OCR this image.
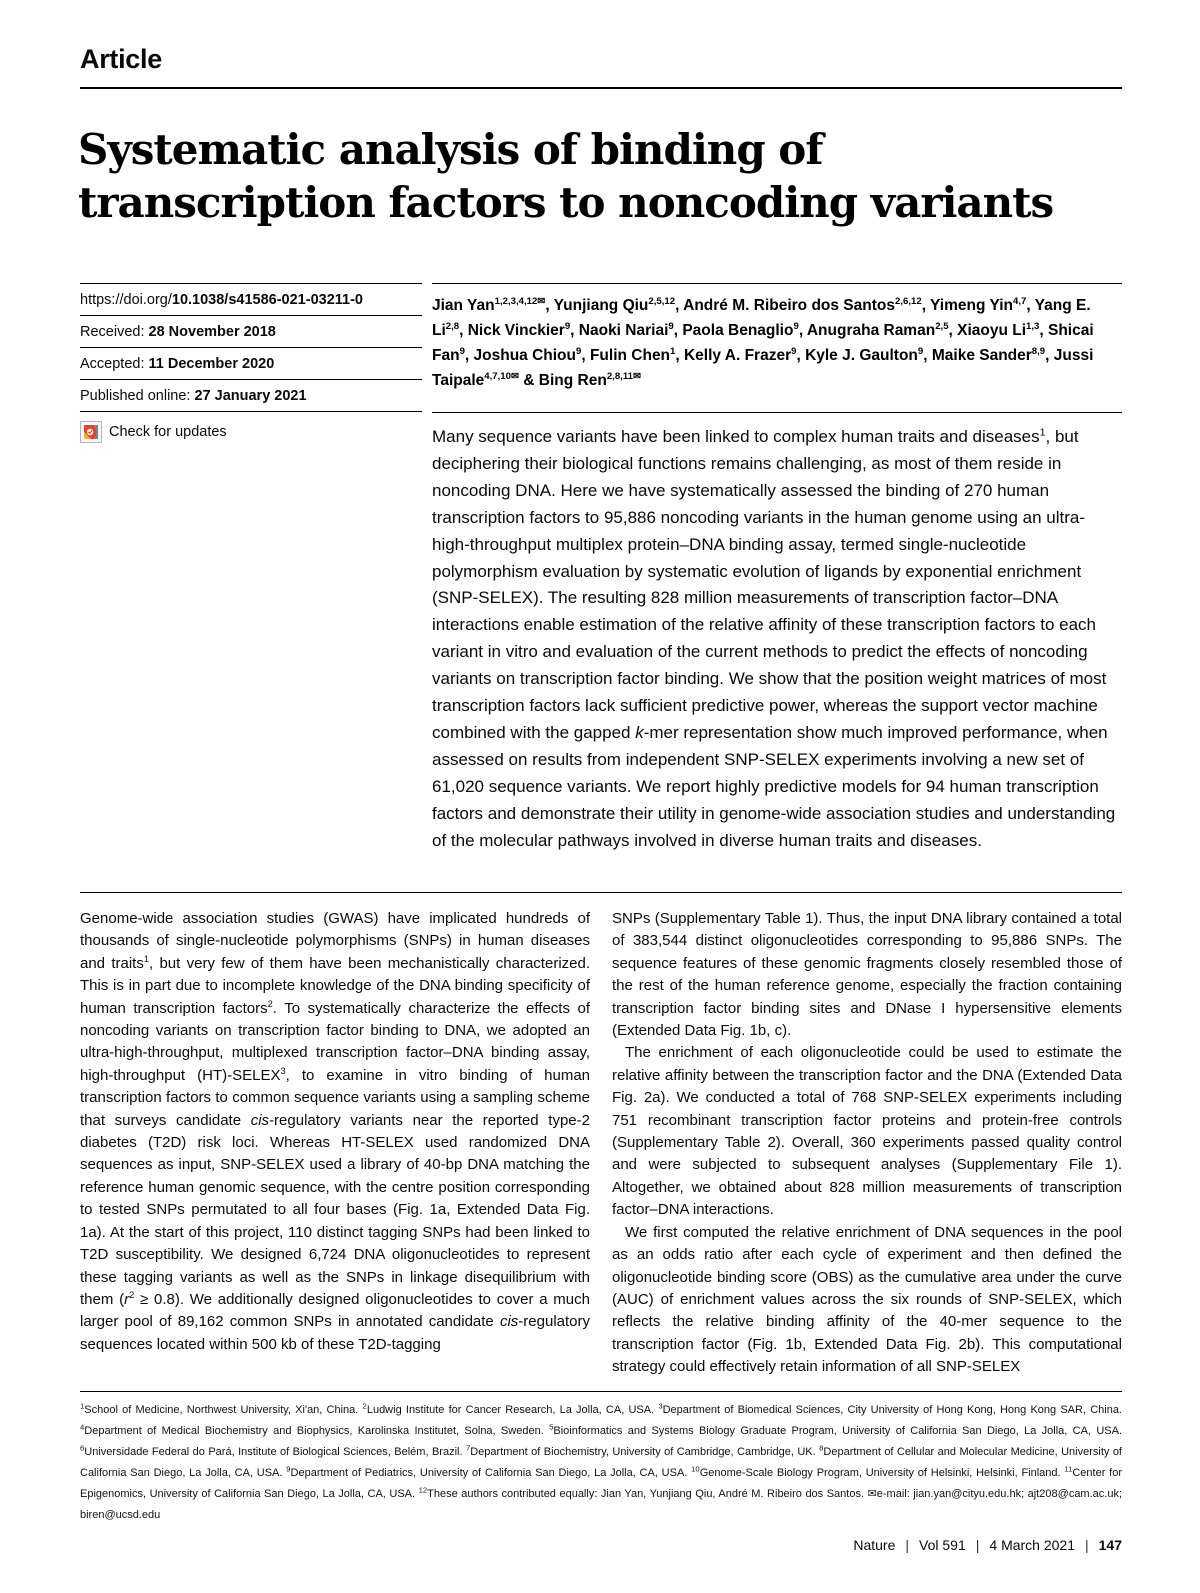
Article
Systematic analysis of binding of
transcription factors to noncoding variants
https://doi.org/10.1038/s41586-021-03211-0
Received: 28 November 2018
Accepted: 11 December 2020
Published online: 27 January 2021
Check for updates
Jian Yan$^{1,2,3,4,12✉}$, Yunjiang Qiu$^{2,5,12}$, André M. Ribeiro dos Santos$^{2,6,12}$, Yimeng Yin$^{4,7}$, Yang E. Li$^{2,8}$, Nick Vinckier$^9$, Naoki Nariai$^9$, Paola Benaglio$^9$, Anugraha Raman$^{2,5}$, Xiaoyu Li$^{1,3}$, Shicai Fan$^9$, Joshua Chiou$^9$, Fulin Chen$^1$, Kelly A. Frazer$^9$, Kyle J. Gaulton$^9$, Maike Sander$^{8,9}$, Jussi Taipale$^{4,7,10✉}$ & Bing Ren$^{2,8,11✉}$
Many sequence variants have been linked to complex human traits and diseases$^1$, but deciphering their biological functions remains challenging, as most of them reside in noncoding DNA. Here we have systematically assessed the binding of 270 human transcription factors to 95,886 noncoding variants in the human genome using an ultra-high-throughput multiplex protein–DNA binding assay, termed single-nucleotide polymorphism evaluation by systematic evolution of ligands by exponential enrichment (SNP-SELEX). The resulting 828 million measurements of transcription factor–DNA interactions enable estimation of the relative affinity of these transcription factors to each variant in vitro and evaluation of the current methods to predict the effects of noncoding variants on transcription factor binding. We show that the position weight matrices of most transcription factors lack sufficient predictive power, whereas the support vector machine combined with the gapped k-mer representation show much improved performance, when assessed on results from independent SNP-SELEX experiments involving a new set of 61,020 sequence variants. We report highly predictive models for 94 human transcription factors and demonstrate their utility in genome-wide association studies and understanding of the molecular pathways involved in diverse human traits and diseases.

Genome-wide association studies (GWAS) have implicated hundreds of thousands of single-nucleotide polymorphisms (SNPs) in human diseases and traits$^1$, but very few of them have been mechanistically characterized. This is in part due to incomplete knowledge of the DNA binding specificity of human transcription factors$^2$. To systematically characterize the effects of noncoding variants on transcription factor binding to DNA, we adopted an ultra-high-throughput, multiplexed transcription factor–DNA binding assay, high-throughput (HT)-SELEX$^3$, to examine in vitro binding of human transcription factors to common sequence variants using a sampling scheme that surveys candidate cis-regulatory variants near the reported type-2 diabetes (T2D) risk loci. Whereas HT-SELEX used randomized DNA sequences as input, SNP-SELEX used a library of 40-bp DNA matching the reference human genomic sequence, with the centre position corresponding to tested SNPs permutated to all four bases (Fig. 1a, Extended Data Fig. 1a). At the start of this project, 110 distinct tagging SNPs had been linked to T2D susceptibility. We designed 6,724 DNA oligonucleotides to represent these tagging variants as well as the SNPs in linkage disequilibrium with them $(r^2 \ge 0.8)$. We additionally designed oligonucleotides to cover a much larger pool of 89,162 common SNPs in annotated candidate cis-regulatory sequences located within 500 kb of these T2D-tagging

SNPs (Supplementary Table 1). Thus, the input DNA library contained a total of 383,544 distinct oligonucleotides corresponding to 95,886 SNPs. The sequence features of these genomic fragments closely resembled those of the rest of the human reference genome, especially the fraction containing transcription factor binding sites and DNase I hypersensitive elements (Extended Data Fig. 1b, c).

The enrichment of each oligonucleotide could be used to estimate the relative affinity between the transcription factor and the DNA (Extended Data Fig. 2a). We conducted a total of 768 SNP-SELEX experiments including 751 recombinant transcription factor proteins and protein-free controls (Supplementary Table 2). Overall, 360 experiments passed quality control and were subjected to subsequent analyses (Supplementary File 1). Altogether, we obtained about 828 million measurements of transcription factor–DNA interactions.

We first computed the relative enrichment of DNA sequences in the pool as an odds ratio after each cycle of experiment and then defined the oligonucleotide binding score (OBS) as the cumulative area under the curve (AUC) of enrichment values across the six rounds of SNP-SELEX, which reflects the relative binding affinity of the 40-mer sequence to the transcription factor (Fig. 1b, Extended Data Fig. 2b). This computational strategy could effectively retain information of all SNP-SELEX

$^1$School of Medicine, Northwest University, Xi'an, China. $^2$Ludwig Institute for Cancer Research, La Jolla, CA, USA. $^3$Department of Biomedical Sciences, City University of Hong Kong, Hong Kong SAR, China. $^4$Department of Medical Biochemistry and Biophysics, Karolinska Institutet, Solna, Sweden. $^5$Bioinformatics and Systems Biology Graduate Program, University of California San Diego, La Jolla, CA, USA. $^6$Universidade Federal do Pará, Institute of Biological Sciences, Belém, Brazil. $^7$Department of Biochemistry, University of Cambridge, Cambridge, UK. $^8$Department of Cellular and Molecular Medicine, University of California San Diego, La Jolla, CA, USA. $^9$Department of Pediatrics, University of California San Diego, La Jolla, CA, USA. $^{10}$Genome-Scale Biology Program, University of Helsinki, Helsinki, Finland. $^{11}$Center for Epigenomics, University of California San Diego, La Jolla, CA, USA. $^{12}$These authors contributed equally: Jian Yan, Yunjiang Qiu, André M. Ribeiro dos Santos. ✉e-mail: jian.yan@cityu.edu.hk; ajt208@cam.ac.uk; biren@ucsd.edu
Nature | Vol 591 | 4 March 2021 | 147
